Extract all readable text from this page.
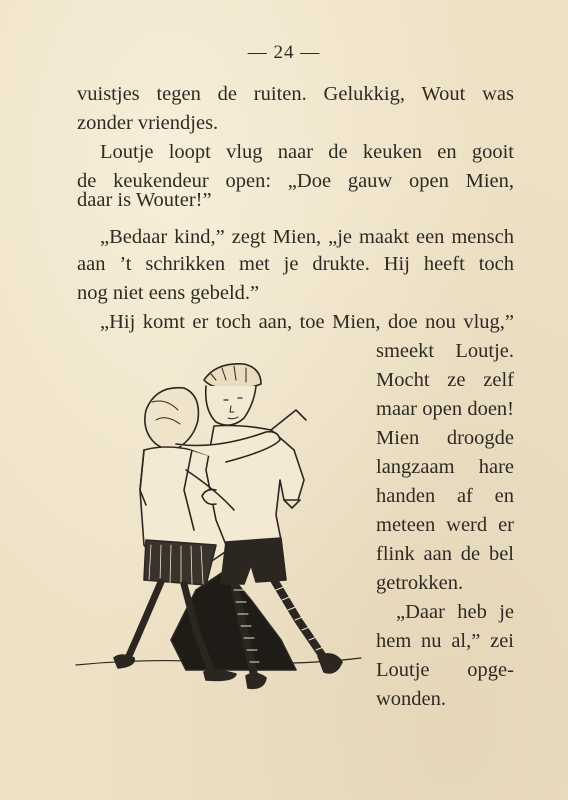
— 24 —
vuistjes tegen de ruiten. Gelukkig, Wout was
zonder vriendjes.
Loutje loopt vlug naar de keuken en gooit
de keukendeur open: „Doe gauw open Mien,
daar is Wouter!”
„Bedaar kind,” zegt Mien, „je maakt een mensch
aan ’t schrikken met je drukte. Hij heeft toch
nog niet eens gebeld.”
„Hij komt er toch aan, toe Mien, doe nou vlug,”
smeekt Loutje.
Mocht ze zelf
maar open doen!
Mien droogde
langzaam hare
handen af en
meteen werd er
flink aan de bel
getrokken.
„Daar heb je
hem nu al,” zei
Loutje opge-
wonden.
